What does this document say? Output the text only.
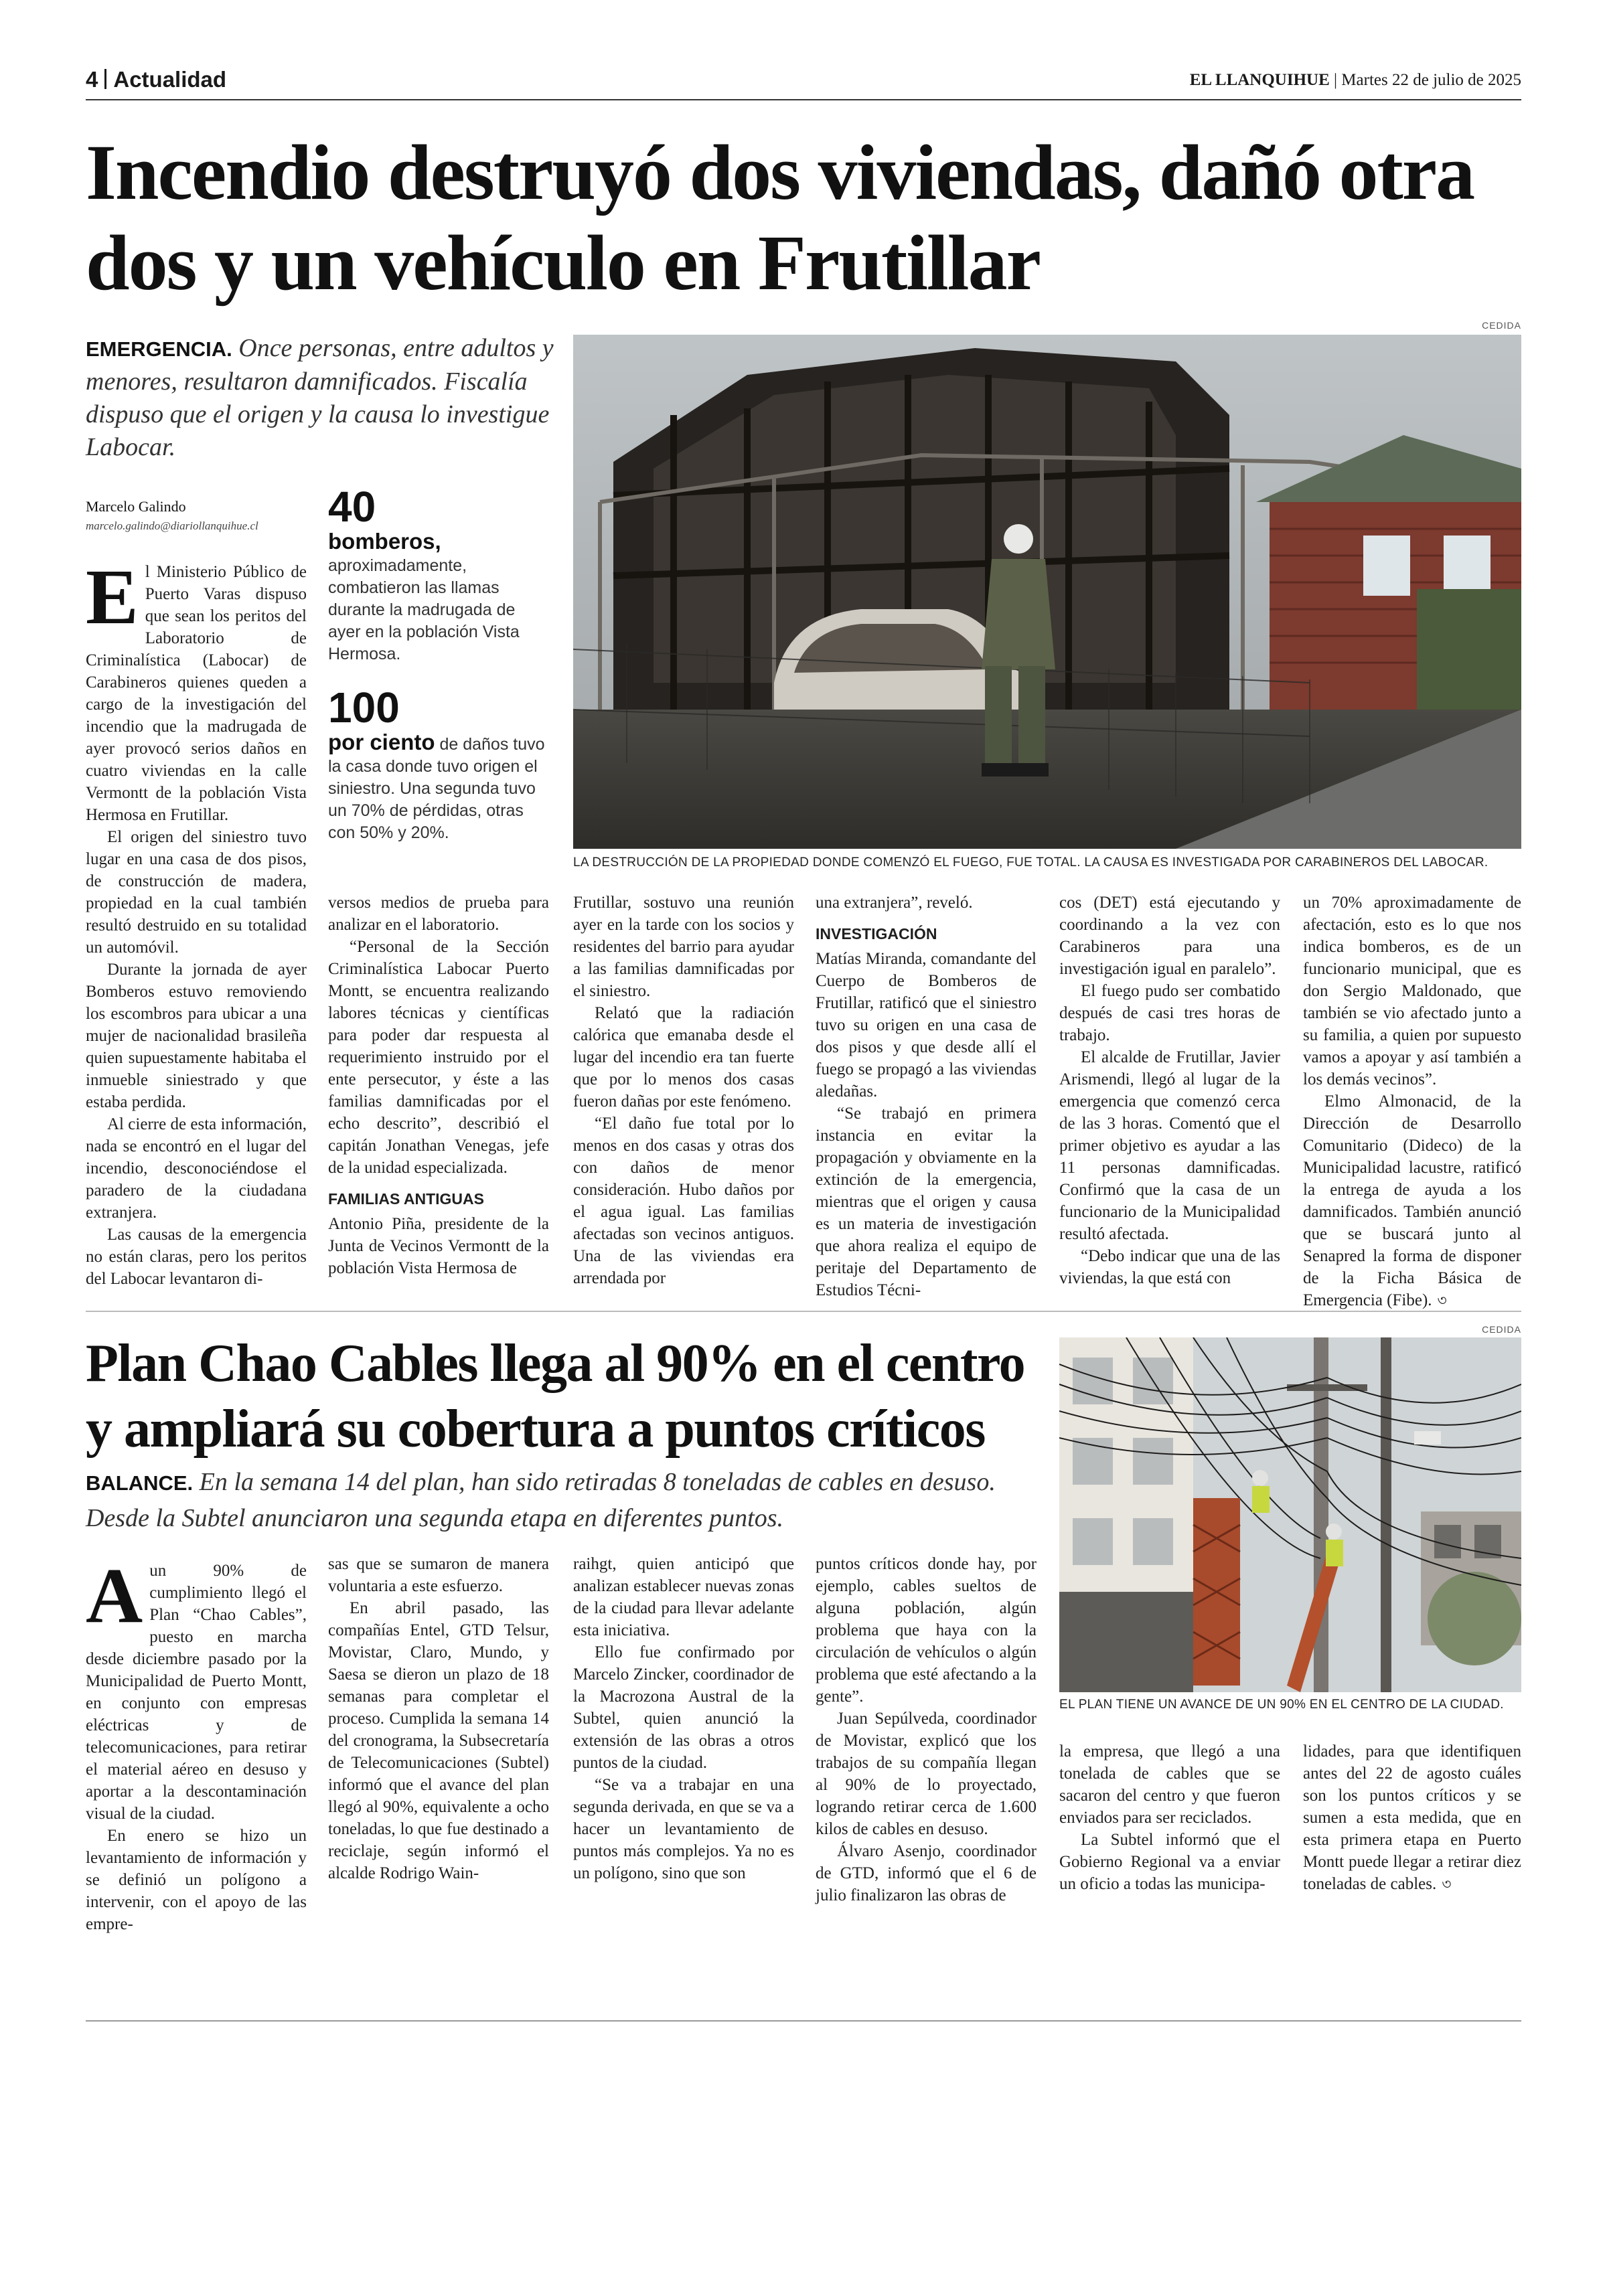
4 Actualidad	EL LLANQUIHUE | Martes 22 de julio de 2025
Incendio destruyó dos viviendas, dañó otra dos y un vehículo en Frutillar
EMERGENCIA. Once personas, entre adultos y menores, resultaron damnificados. Fiscalía dispuso que el origen y la causa lo investigue Labocar.
CEDIDA
LA DESTRUCCIÓN DE LA PROPIEDAD DONDE COMENZÓ EL FUEGO, FUE TOTAL. LA CAUSA ES INVESTIGADA POR CARABINEROS DEL LABOCAR.
Marcelo Galindo
marcelo.galindo@diariollanquihue.cl	40
bomberos, aproximadamente, combatieron las llamas durante la madrugada de ayer en la población Vista Hermosa.
100
por ciento de daños tuvo la casa donde tuvo origen el siniestro. Una segunda tuvo un 70% de pérdidas, otras con 50% y 20%.

El Ministerio Público de Puerto Varas dispuso que sean los peritos del Laboratorio de Criminalística (Labocar) de Carabineros quienes queden a cargo de la investigación del incendio que la madrugada de ayer provocó serios daños en cuatro viviendas en la calle Vermontt de la población Vista Hermosa en Frutillar.

El origen del siniestro tuvo lugar en una casa de dos pisos, de construcción de madera, propiedad en la cual también resultó destruido en su totalidad un automóvil.

Durante la jornada de ayer Bomberos estuvo removiendo los escombros para ubicar a una mujer de nacionalidad brasileña quien supuestamente habitaba el inmueble siniestrado y que estaba perdida.

Al cierre de esta información, nada se encontró en el lugar del incendio, desconociéndose el paradero de la ciudadana extranjera.

Las causas de la emergencia no están claras, pero los peritos del Labocar levantaron di-

versos medios de prueba para analizar en el laboratorio.

“Personal de la Sección Criminalística Labocar Puerto Montt, se encuentra realizando labores técnicas y científicas para poder dar respuesta al requerimiento instruido por el ente persecutor, y éste a las familias damnificadas por el echo descrito”, describió el capitán Jonathan Venegas, jefe de la unidad especializada.

FAMILIAS ANTIGUAS

Antonio Piña, presidente de la Junta de Vecinos Vermontt de la población Vista Hermosa de

Frutillar, sostuvo una reunión ayer en la tarde con los socios y residentes del barrio para ayudar a las familias damnificadas por el siniestro.

Relató que la radiación calórica que emanaba desde el lugar del incendio era tan fuerte que por lo menos dos casas fueron dañas por este fenómeno.

“El daño fue total por lo menos en dos casas y otras dos con daños de menor consideración. Hubo daños por el agua igual. Las familias afectadas son vecinos antiguos. Una de las viviendas era arrendada por

una extranjera”, reveló.

INVESTIGACIÓN

Matías Miranda, comandante del Cuerpo de Bomberos de Frutillar, ratificó que el siniestro tuvo su origen en una casa de dos pisos y que desde allí el fuego se propagó a las viviendas aledañas.

“Se trabajó en primera instancia en evitar la propagación y obviamente en la extinción de la emergencia, mientras que el origen y causa es un materia de investigación que ahora realiza el equipo de peritaje del Departamento de Estudios Técni-

cos (DET) está ejecutando y coordinando a la vez con Carabineros para una investigación igual en paralelo”.

El fuego pudo ser combatido después de casi tres horas de trabajo.

El alcalde de Frutillar, Javier Arismendi, llegó al lugar de la emergencia que comenzó cerca de las 3 horas. Comentó que el primer objetivo es ayudar a las 11 personas damnificadas. Confirmó que la casa de un funcionario de la Municipalidad resultó afectada.

“Debo indicar que una de las viviendas, la que está con

un 70% aproximadamente de afectación, esto es lo que nos indica bomberos, es de un funcionario municipal, que es don Sergio Maldonado, que también se vio afectado junto a su familia, a quien por supuesto vamos a apoyar y así también a los demás vecinos”.

Elmo Almonacid, de la Dirección de Desarrollo Comunitario (Dideco) de la Municipalidad lacustre, ratificó la entrega de ayuda a los damnificados. También anunció que se buscará junto al Senapred la forma de disponer de la Ficha Básica de Emergencia (Fibe). ৩

CEDIDA
Plan Chao Cables llega al 90% en el centro y ampliará su cobertura a puntos críticos
BALANCE. En la semana 14 del plan, han sido retiradas 8 toneladas de cables en desuso. Desde la Subtel anunciaron una segunda etapa en diferentes puntos.
EL PLAN TIENE UN AVANCE DE UN 90% EN EL CENTRO DE LA CIUDAD.

Aun 90% de cumplimiento llegó el Plan “Chao Cables”, puesto en marcha desde diciembre pasado por la Municipalidad de Puerto Montt, en conjunto con empresas eléctricas y de telecomunicaciones, para retirar el material aéreo en desuso y aportar a la descontaminación visual de la ciudad.

En enero se hizo un levantamiento de información y se definió un polígono a intervenir, con el apoyo de las empre-

sas que se sumaron de manera voluntaria a este esfuerzo.

En abril pasado, las compañías Entel, GTD Telsur, Movistar, Claro, Mundo, y Saesa se dieron un plazo de 18 semanas para completar el proceso. Cumplida la semana 14 del cronograma, la Subsecretaría de Telecomunicaciones (Subtel) informó que el avance del plan llegó al 90%, equivalente a ocho toneladas, lo que fue destinado a reciclaje, según informó el alcalde Rodrigo Wain-

raihgt, quien anticipó que analizan establecer nuevas zonas de la ciudad para llevar adelante esta iniciativa.

Ello fue confirmado por Marcelo Zincker, coordinador de la Macrozona Austral de la Subtel, quien anunció la extensión de las obras a otros puntos de la ciudad.

“Se va a trabajar en una segunda derivada, en que se va a hacer un levantamiento de puntos más complejos. Ya no es un polígono, sino que son

puntos críticos donde hay, por ejemplo, cables sueltos de alguna población, algún problema que haya con la circulación de vehículos o algún problema que esté afectando a la gente”.

Juan Sepúlveda, coordinador de Movistar, explicó que los trabajos de su compañía llegan al 90% de lo proyectado, logrando retirar cerca de 1.600 kilos de cables en desuso.

Álvaro Asenjo, coordinador de GTD, informó que el 6 de julio finalizaron las obras de

la empresa, que llegó a una tonelada de cables que se sacaron del centro y que fueron enviados para ser reciclados.

La Subtel informó que el Gobierno Regional va a enviar un oficio a todas las municipa-

lidades, para que identifiquen antes del 22 de agosto cuáles son los puntos críticos y se sumen a esta medida, que en esta primera etapa en Puerto Montt puede llegar a retirar diez toneladas de cables. ৩
